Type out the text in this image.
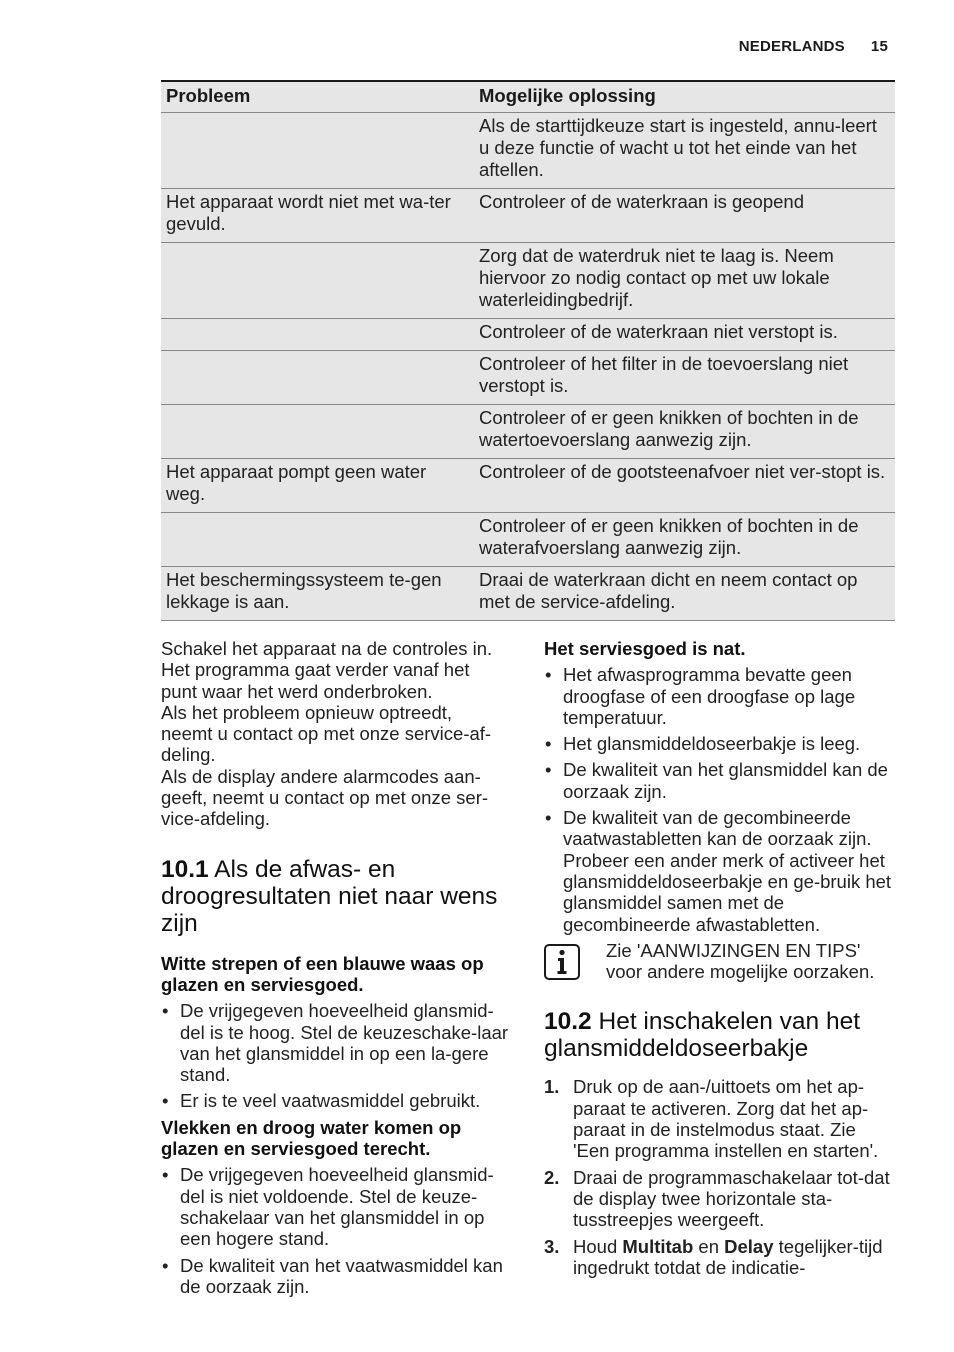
NEDERLANDS 15
Probleem	Mogelijke oplossing
	Als de starttijdkeuze start is ingesteld, annu-leert u deze functie of wacht u tot het einde van het aftellen.
Het apparaat wordt niet met wa-ter gevuld.	Controleer of de waterkraan is geopend
	Zorg dat de waterdruk niet te laag is. Neem hiervoor zo nodig contact op met uw lokale waterleidingbedrijf.
	Controleer of de waterkraan niet verstopt is.
	Controleer of het filter in de toevoerslang niet verstopt is.
	Controleer of er geen knikken of bochten in de watertoevoerslang aanwezig zijn.
Het apparaat pompt geen water weg.	Controleer of de gootsteenafvoer niet ver-stopt is.
	Controleer of er geen knikken of bochten in de waterafvoerslang aanwezig zijn.
Het beschermingssysteem te-gen lekkage is aan.	Draai de waterkraan dicht en neem contact op met de service-afdeling.
Schakel het apparaat na de controles in.
Het programma gaat verder vanaf het
punt waar het werd onderbroken.
Als het probleem opnieuw optreedt,
neemt u contact op met onze service-af-
deling.
Als de display andere alarmcodes aan-
geeft, neemt u contact op met onze ser-
vice-afdeling.
10.1 Als de afwas- en droogresultaten niet naar wens zijn
Witte strepen of een blauwe waas op glazen en serviesgoed.
• De vrijgegeven hoeveelheid glansmid-del is te hoog. Stel de keuzeschake-laar van het glansmiddel in op een la-gere stand.
• Er is te veel vaatwasmiddel gebruikt.
Vlekken en droog water komen op glazen en serviesgoed terecht.
• De vrijgegeven hoeveelheid glansmid-del is niet voldoende. Stel de keuze-schakelaar van het glansmiddel in op een hogere stand.
• De kwaliteit van het vaatwasmiddel kan de oorzaak zijn.
Het serviesgoed is nat.
• Het afwasprogramma bevatte geen droogfase of een droogfase op lage temperatuur.
• Het glansmiddeldoseerbakje is leeg.
• De kwaliteit van het glansmiddel kan de oorzaak zijn.
• De kwaliteit van de gecombineerde vaatwastabletten kan de oorzaak zijn. Probeer een ander merk of activeer het glansmiddeldoseerbakje en ge-bruik het glansmiddel samen met de gecombineerde afwastabletten.
Zie 'AANWIJZINGEN EN TIPS' voor andere mogelijke oorzaken.
10.2 Het inschakelen van het glansmiddeldoseerbakje
1. Druk op de aan-/uittoets om het ap-paraat te activeren. Zorg dat het ap-paraat in de instelmodus staat. Zie 'Een programma instellen en starten'.
2. Draai de programmaschakelaar tot-dat de display twee horizontale sta-tusstreepjes weergeeft.
3. Houd Multitab en Delay tegelijker-tijd ingedrukt totdat de indicatie-
